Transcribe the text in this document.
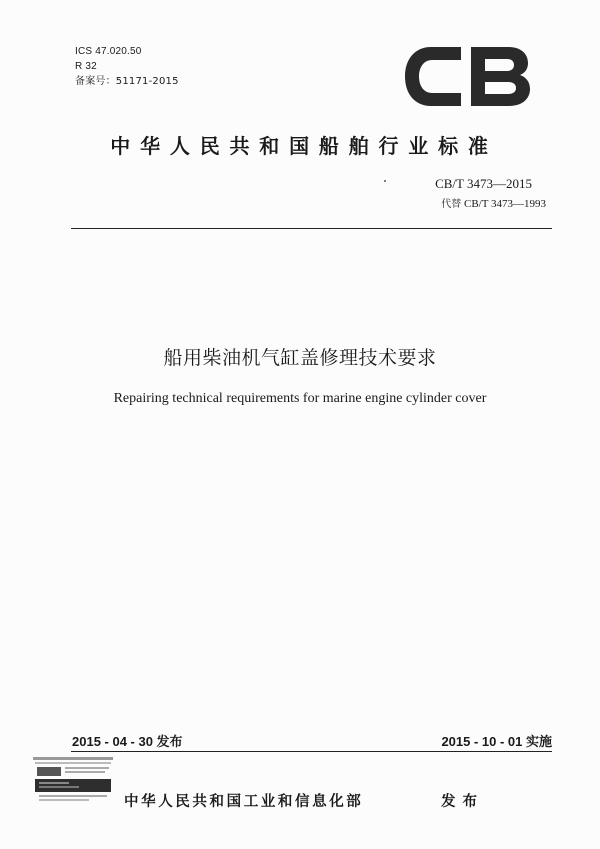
ICS 47.020.50
R 32
备案号：51171-2015
中华人民共和国船舶行业标准
CB/T 3473—2015
代替 CB/T 3473—1993
船用柴油机气缸盖修理技术要求
Repairing technical requirements for marine engine cylinder cover
2015 - 04 - 30 发布	2015 - 10 - 01 实施
中华人民共和国工业和信息化部	发布
